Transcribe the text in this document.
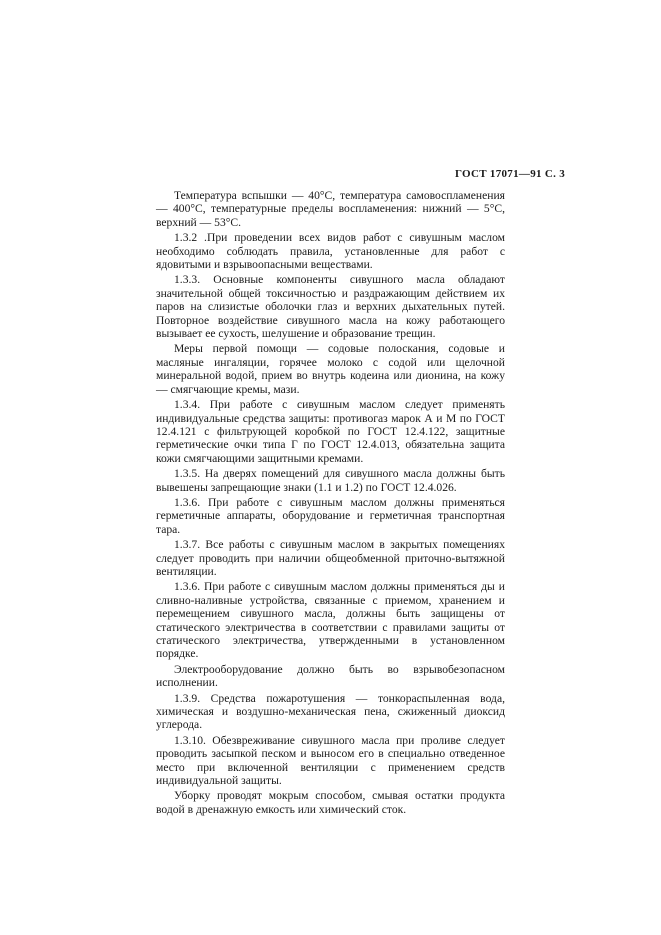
ГОСТ 17071—91 С. 3

Температура вспышки — 40°С, температура самовоспламенения — 400°С, температурные пределы воспламенения: нижний — 5°С, верхний — 53°С.

1.3.2 .При проведении всех видов работ с сивушным маслом необходимо соблюдать правила, установленные для работ с ядовитыми и взрывоопасными веществами.

1.3.3. Основные компоненты сивушного масла обладают значительной общей токсичностью и раздражающим действием их паров на слизистые оболочки глаз и верхних дыхательных путей. Повторное воздействие сивушного масла на кожу работающего вызывает ее сухость, шелушение и образование трещин.

Меры первой помощи — содовые полоскания, содовые и масляные ингаляции, горячее молоко с содой или щелочной минеральной водой, прием во внутрь кодеина или дионина, на кожу — смягчающие кремы, мази.

1.3.4. При работе с сивушным маслом следует применять индивидуальные средства защиты: противогаз марок А и М по ГОСТ 12.4.121 с фильтрующей коробкой по ГОСТ 12.4.122, защитные герметические очки типа Г по ГОСТ 12.4.013, обязательна защита кожи смягчающими защитными кремами.

1.3.5. На дверях помещений для сивушного масла должны быть вывешены запрещающие знаки (1.1 и 1.2) по ГОСТ 12.4.026.

1.3.6. При работе с сивушным маслом должны применяться герметичные аппараты, оборудование и герметичная транспортная тара.

1.3.7. Все работы с сивушным маслом в закрытых помещениях следует проводить при наличии общеобменной приточно-вытяжной вентиляции.

1.3.6. При работе с сивушным маслом должны применяться ды и сливно-наливные устройства, связанные с приемом, хранением и перемещением сивушного масла, должны быть защищены от статического электричества в соответствии с правилами защиты от статического электричества, утвержденными в установленном порядке.

Электрооборудование должно быть во взрывобезопасном исполнении.

1.3.9. Средства пожаротушения — тонкораспыленная вода, химическая и воздушно-механическая пена, сжиженный диоксид углерода.

1.3.10. Обезвреживание сивушного масла при проливе следует проводить засыпкой песком и выносом его в специально отведенное место при включенной вентиляции с применением средств индивидуальной защиты.

Уборку проводят мокрым способом, смывая остатки продукта водой в дренажную емкость или химический сток.
